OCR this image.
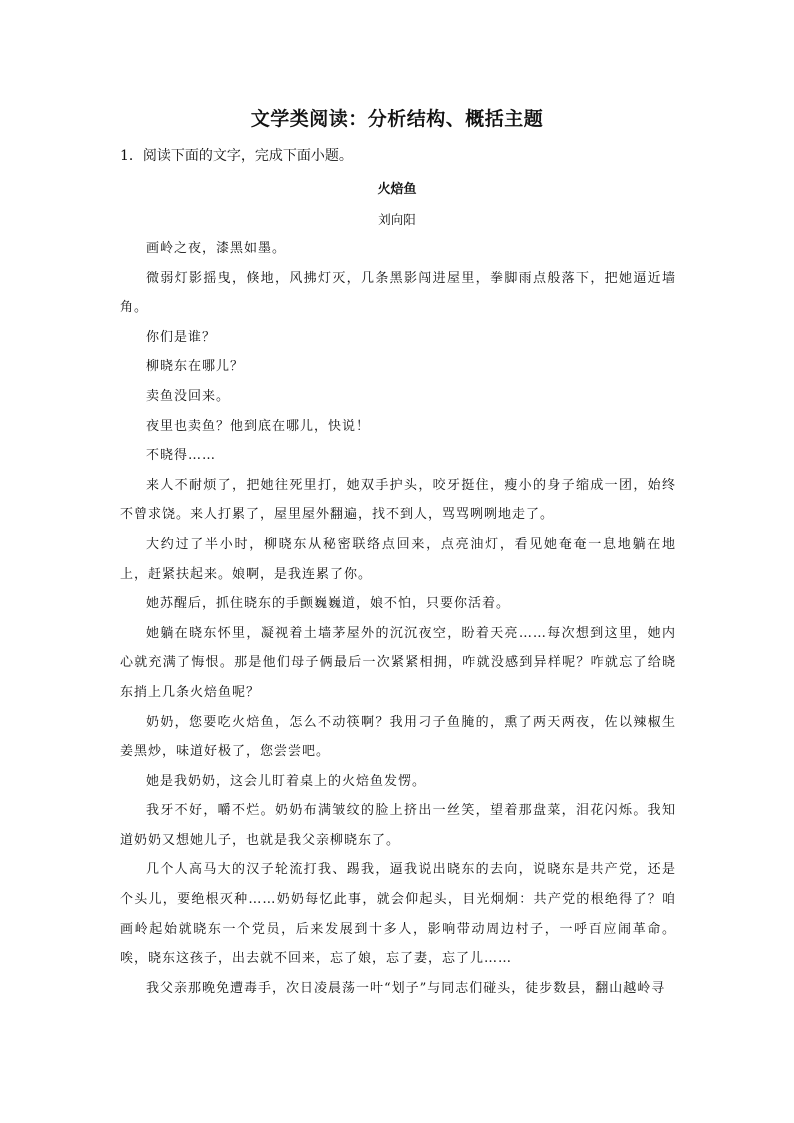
文学类阅读：分析结构、概括主题

1．阅读下面的文字，完成下面小题。

火焙鱼

刘向阳

画岭之夜，漆黑如墨。

微弱灯影摇曳，倏地，风拂灯灭，几条黑影闯进屋里，拳脚雨点般落下，把她逼近墙角。

你们是谁？

柳晓东在哪儿？

卖鱼没回来。

夜里也卖鱼？他到底在哪儿，快说！

不晓得……

来人不耐烦了，把她往死里打，她双手护头，咬牙挺住，瘦小的身子缩成一团，始终不曾求饶。来人打累了，屋里屋外翻遍，找不到人，骂骂咧咧地走了。

大约过了半小时，柳晓东从秘密联络点回来，点亮油灯，看见她奄奄一息地躺在地上，赶紧扶起来。娘啊，是我连累了你。

她苏醒后，抓住晓东的手颤巍巍道，娘不怕，只要你活着。

她躺在晓东怀里，凝视着土墙茅屋外的沉沉夜空，盼着天亮……每次想到这里，她内心就充满了悔恨。那是他们母子俩最后一次紧紧相拥，咋就没感到异样呢？咋就忘了给晓东捎上几条火焙鱼呢？

奶奶，您要吃火焙鱼，怎么不动筷啊？我用刁子鱼腌的，熏了两天两夜，佐以辣椒生姜黑炒，味道好极了，您尝尝吧。

她是我奶奶，这会儿盯着桌上的火焙鱼发愣。

我牙不好，嚼不烂。奶奶布满皱纹的脸上挤出一丝笑，望着那盘菜，泪花闪烁。我知道奶奶又想她儿子，也就是我父亲柳晓东了。

几个人高马大的汉子轮流打我、踢我，逼我说出晓东的去向，说晓东是共产党，还是个头儿，要绝根灭种……奶奶每忆此事，就会仰起头，目光炯炯：共产党的根绝得了？咱画岭起始就晓东一个党员，后来发展到十多人，影响带动周边村子，一呼百应闹革命。唉，晓东这孩子，出去就不回来，忘了娘，忘了妻，忘了儿……

我父亲那晚免遭毒手，次日凌晨荡一叶“划子”与同志们碰头，徒步数县，翻山越岭寻
